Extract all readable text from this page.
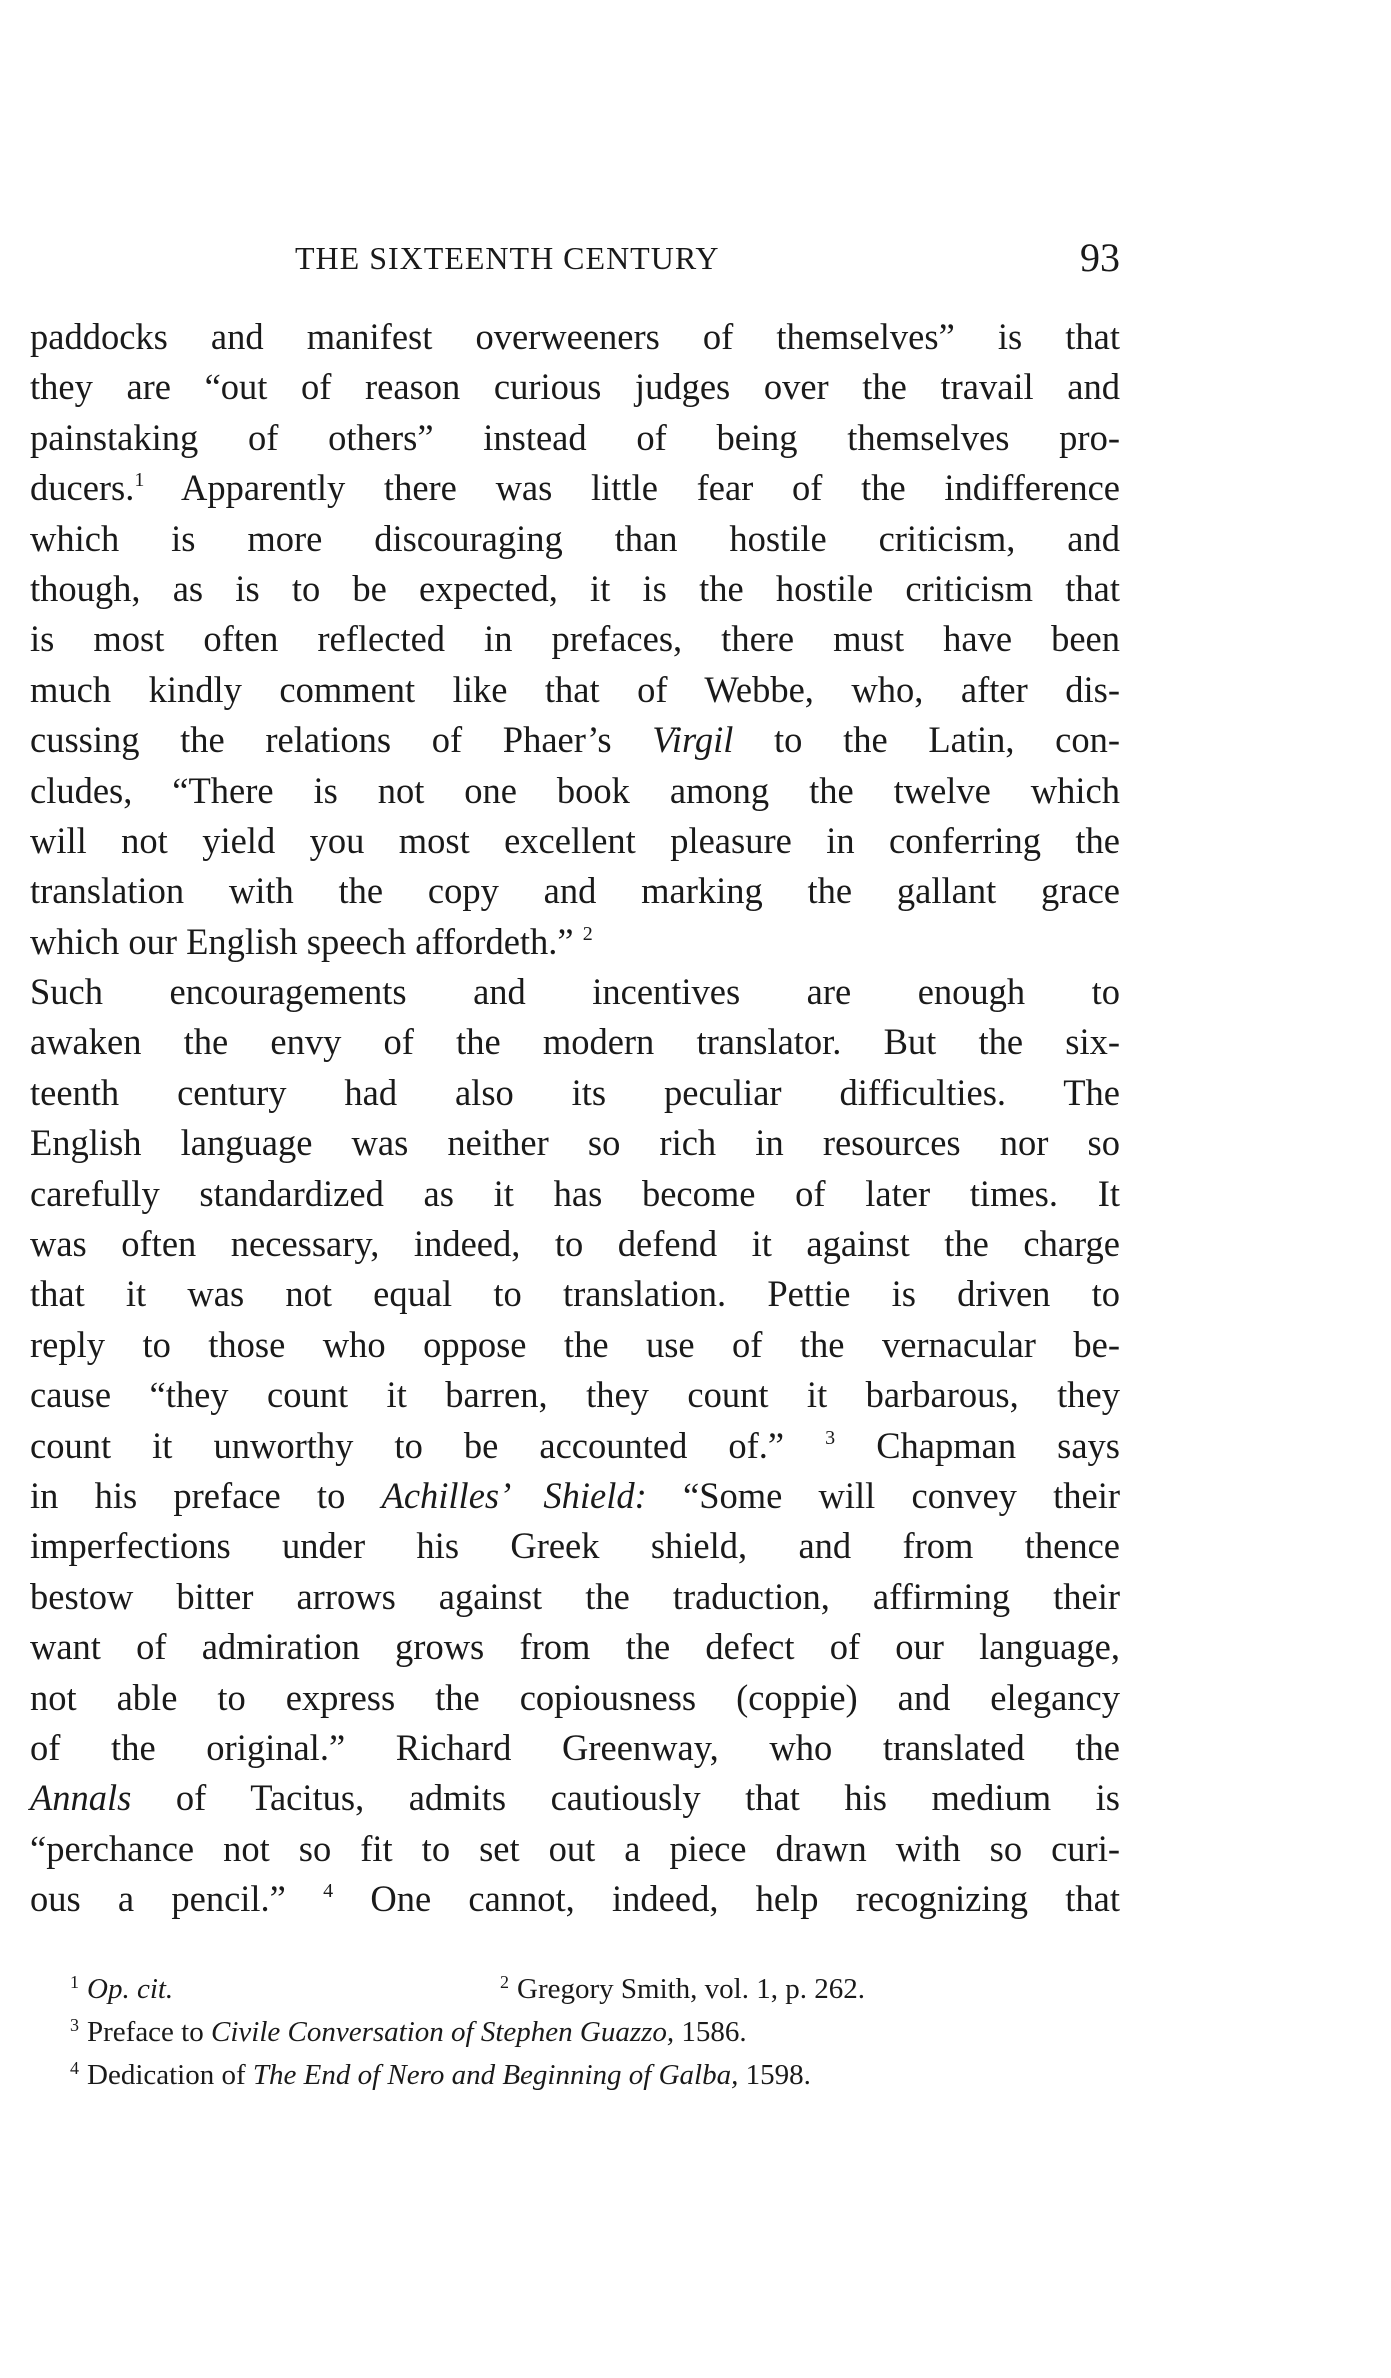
THE SIXTEENTH CENTURY	93
paddocks and manifest overweeners of themselves” is that
they are “out of reason curious judges over the travail and
painstaking of others” instead of being themselves pro-
ducers.$^1$ Apparently there was little fear of the indifference
which is more discouraging than hostile criticism, and
though, as is to be expected, it is the hostile criticism that
is most often reflected in prefaces, there must have been
much kindly comment like that of Webbe, who, after dis-
cussing the relations of Phaer’s Virgil to the Latin, con-
cludes, “There is not one book among the twelve which
will not yield you most excellent pleasure in conferring the
translation with the copy and marking the gallant grace
which our English speech affordeth.” $^2$
Such encouragements and incentives are enough to
awaken the envy of the modern translator. But the six-
teenth century had also its peculiar difficulties. The
English language was neither so rich in resources nor so
carefully standardized as it has become of later times. It
was often necessary, indeed, to defend it against the charge
that it was not equal to translation. Pettie is driven to
reply to those who oppose the use of the vernacular be-
cause “they count it barren, they count it barbarous, they
count it unworthy to be accounted of.” $^3$ Chapman says
in his preface to Achilles’ Shield: “Some will convey their
imperfections under his Greek shield, and from thence
bestow bitter arrows against the traduction, affirming their
want of admiration grows from the defect of our language,
not able to express the copiousness (coppie) and elegancy
of the original.” Richard Greenway, who translated the
Annals of Tacitus, admits cautiously that his medium is
“perchance not so fit to set out a piece drawn with so curi-
ous a pencil.” $^4$ One cannot, indeed, help recognizing that
$^1$ Op. cit.	$^2$ Gregory Smith, vol. 1, p. 262.
$^3$ Preface to Civile Conversation of Stephen Guazzo, 1586.
$^4$ Dedication of The End of Nero and Beginning of Galba, 1598.
